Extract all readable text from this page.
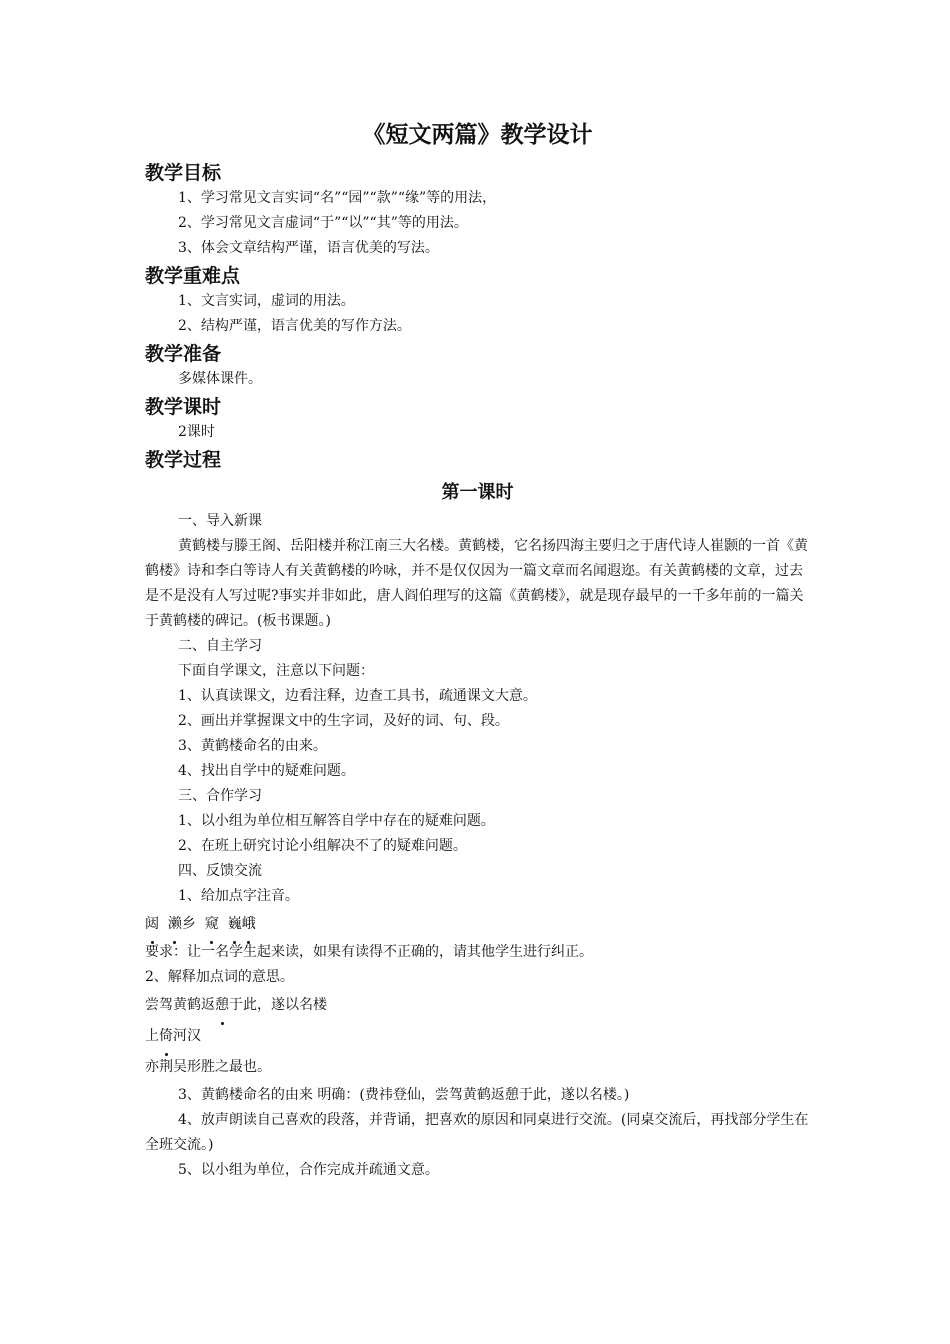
《短文两篇》教学设计
教学目标

1、学习常见文言实词“名”“园”“款”“缘”等的用法，

2、学习常见文言虚词“于”“以”“其”等的用法。

3、体会文章结构严谨，语言优美的写法。

教学重难点

1、文言实词，虚词的用法。

2、结构严谨，语言优美的写作方法。

教学准备

多媒体课件。

教学课时

2课时

教学过程
第一课时

一、导入新课

黄鹤楼与滕王阁、岳阳楼并称江南三大名楼。黄鹤楼，它名扬四海主要归之于唐代诗人崔颢的一首《黄鹤楼》诗和李白等诗人有关黄鹤楼的吟咏，并不是仅仅因为一篇文章而名闻遐迩。有关黄鹤楼的文章，过去是不是没有人写过呢?事实并非如此，唐人阎伯理写的这篇《黄鹤楼》，就是现存最早的一千多年前的一篇关于黄鹤楼的碑记。(板书课题。)

二、自主学习

下面自学课文，注意以下问题：

1、认真读课文，边看注释，边查工具书，疏通课文大意。

2、画出并掌握课文中的生字词，及好的词、句、段。

3、黄鹤楼命名的由来。

4、找出自学中的疑难问题。

三、合作学习

1、以小组为单位相互解答自学中存在的疑难问题。

2、在班上研究讨论小组解决不了的疑难问题。

四、反馈交流

1、给加点字注音。

闼 濑乡 窥 巍峨

要求：让一名学生起来读，如果有读得不正确的，请其他学生进行纠正。

2、解释加点词的意思。

尝驾黄鹤返憩于此，遂以名楼

上倚河汉

亦荆吴形胜之最也。

3、黄鹤楼命名的由来 明确：(费祎登仙，尝驾黄鹤返憩于此，遂以名楼。)

4、放声朗读自己喜欢的段落，并背诵，把喜欢的原因和同桌进行交流。(同桌交流后，再找部分学生在全班交流。)

5、以小组为单位，合作完成并疏通文意。
